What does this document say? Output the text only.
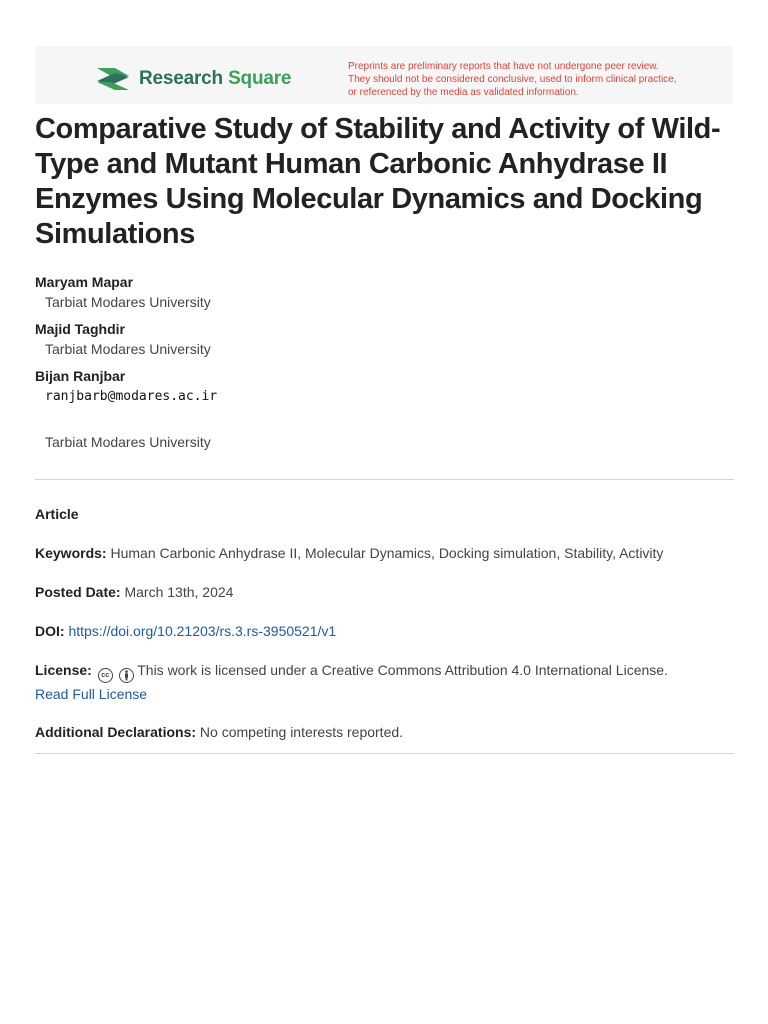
Research Square
Preprints are preliminary reports that have not undergone peer review.
They should not be considered conclusive, used to inform clinical practice,
or referenced by the media as validated information.
Comparative Study of Stability and Activity of Wild-Type and Mutant Human Carbonic Anhydrase II Enzymes Using Molecular Dynamics and Docking Simulations
Maryam Mapar
Tarbiat Modares University
Majid Taghdir
Tarbiat Modares University
Bijan Ranjbar
ranjbarb@modares.ac.ir
Tarbiat Modares University
Article
Keywords: Human Carbonic Anhydrase II, Molecular Dynamics, Docking simulation, Stability, Activity
Posted Date: March 13th, 2024
DOI: https://doi.org/10.21203/rs.3.rs-3950521/v1
License: cc This work is licensed under a Creative Commons Attribution 4.0 International License.
Read Full License
Additional Declarations: No competing interests reported.
